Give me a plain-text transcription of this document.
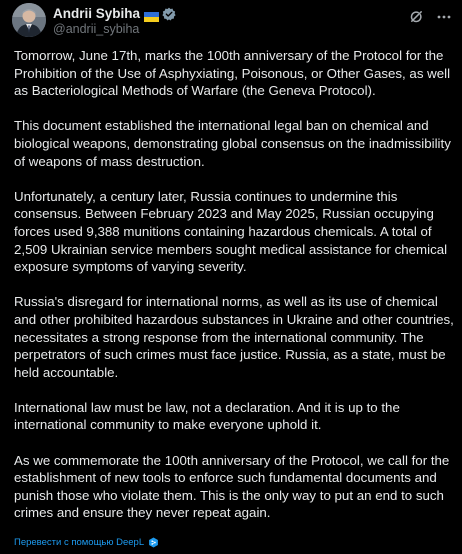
Andrii Sybiha
@andrii_sybiha

Tomorrow, June 17th, marks the 100th anniversary of the Protocol for the Prohibition of the Use of Asphyxiating, Poisonous, or Other Gases, as well as Bacteriological Methods of Warfare (the Geneva Protocol).

This document established the international legal ban on chemical and biological weapons, demonstrating global consensus on the inadmissibility of weapons of mass destruction.

Unfortunately, a century later, Russia continues to undermine this consensus. Between February 2023 and May 2025, Russian occupying forces used 9,388 munitions containing hazardous chemicals. A total of 2,509 Ukrainian service members sought medical assistance for chemical exposure symptoms of varying severity.

Russia's disregard for international norms, as well as its use of chemical and other prohibited hazardous substances in Ukraine and other countries, necessitates a strong response from the international community. The perpetrators of such crimes must face justice. Russia, as a state, must be held accountable.

International law must be law, not a declaration. And it is up to the international community to make everyone uphold it.

As we commemorate the 100th anniversary of the Protocol, we call for the establishment of new tools to enforce such fundamental documents and punish those who violate them. This is the only way to put an end to such crimes and ensure they never repeat again.

Перевести с помощью DeepL
